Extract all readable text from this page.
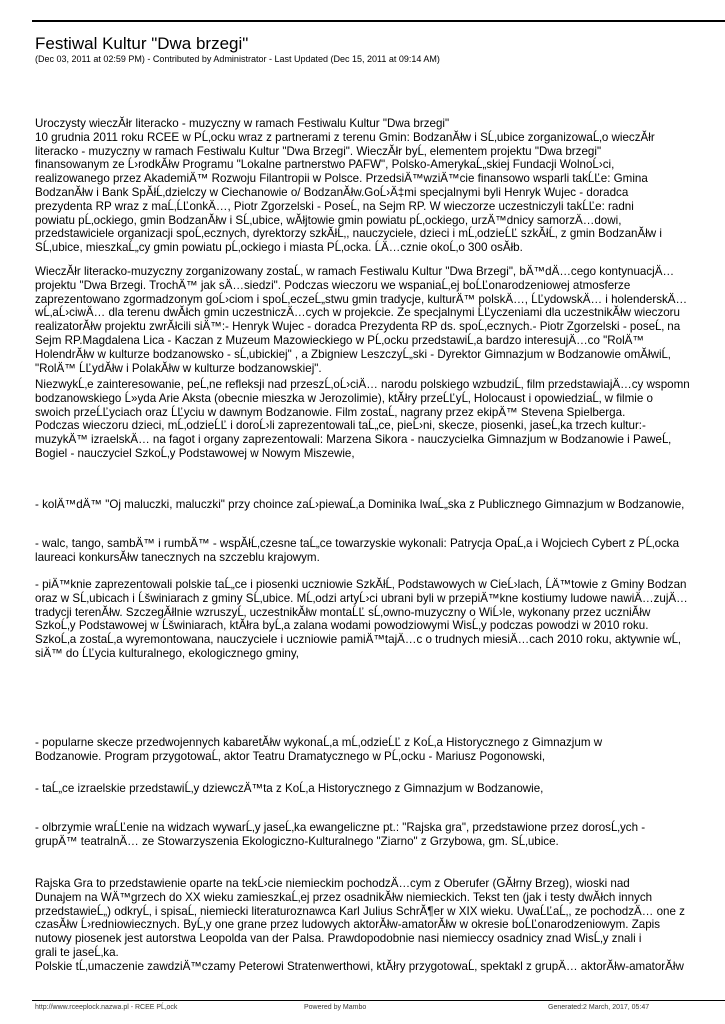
Festiwal Kultur "Dwa brzegi"
(Dec 03, 2011 at 02:59 PM) - Contributed by Administrator - Last Updated (Dec 15, 2011 at 09:14 AM)
Uroczysty wieczĂłr literacko - muzyczny w ramach Festiwalu Kultur "Dwa brzegi"
10 grudnia 2011 roku RCEE w PĹ‚ocku wraz z partnerami z terenu Gmin: BodzanĂłw i SĹ‚ubice zorganizowaĹ‚o wieczĂłr
literacko - muzyczny w ramach Festiwalu Kultur "Dwa Brzegi". WieczĂłr byĹ‚ elementem projektu "Dwa brzegi"
finansowanym ze Ĺ›rodkĂłw Programu "Lokalne partnerstwo PAFW", Polsko-AmerykaĹ„skiej Fundacji WolnoĹ›ci,
realizowanego przez AkademiÄ™ Rozwoju Filantropii w Polsce. PrzedsiÄ™wziÄ™cie finansowo wsparli takĹĽe: Gmina
BodzanĂłw i Bank SpĂłĹ‚dzielczy w Ciechanowie o/ BodzanĂłw.GoĹ›Ä‡mi specjalnymi byli Henryk Wujec - doradca
prezydenta RP wraz z maĹ‚ĹĽonkÄ…, Piotr Zgorzelski - PoseĹ‚ na Sejm RP. W wieczorze uczestniczyli takĹĽe: radni
powiatu pĹ‚ockiego, gmin BodzanĂłw i SĹ‚ubice, wĂłjtowie gmin powiatu pĹ‚ockiego, urzÄ™dnicy samorzÄ…dowi,
przedstawiciele organizacji spoĹ‚ecznych, dyrektorzy szkĂłĹ‚, nauczyciele, dzieci i mĹ‚odzieĹĽ szkĂłĹ‚ z gmin BodzanĂłw i
SĹ‚ubice, mieszkaĹ„cy gmin powiatu pĹ‚ockiego i miasta PĹ‚ocka. ĹÄ…cznie okoĹ‚o 300 osĂłb.
WieczĂłr literacko-muzyczny zorganizowany zostaĹ‚ w ramach Festiwalu Kultur "Dwa Brzegi", bÄ™dÄ…cego kontynuacjÄ…
projektu "Dwa Brzegi. TrochÄ™ jak sÄ…siedzi". Podczas wieczoru we wspaniaĹ‚ej boĹĽonarodzeniowej atmosferze
zaprezentowano zgormadzonym goĹ›ciom i spoĹ‚eczeĹ„stwu gmin tradycje, kulturÄ™ polskÄ…, ĹĽydowskÄ… i holenderskÄ…
wĹ‚aĹ›ciwÄ… dla terenu dwĂłch gmin uczestniczÄ…cych w projekcie. Ze specjalnymi ĹĽyczeniami dla uczestnikĂłw wieczoru
realizatorĂłw projektu zwrĂłcili siÄ™:- Henryk Wujec - doradca Prezydenta RP ds. spoĹ‚ecznych.- Piotr Zgorzelski - poseĹ‚ na
Sejm RP.Magdalena Lica - Kaczan z Muzeum Mazowieckiego w PĹ‚ocku przedstawiĹ‚a bardzo interesujÄ…co "RolÄ™
HolendrĂłw w kulturze bodzanowsko - sĹ‚ubickiej" , a Zbigniew LeszczyĹ„ski - Dyrektor Gimnazjum w Bodzanowie omĂłwiĹ‚
"RolÄ™ ĹĽydĂłw i PolakĂłw w kulturze bodzanowskiej".
NiezwykĹ‚e zainteresowanie, peĹ‚ne refleksji nad przeszĹ‚oĹ›ciÄ… narodu polskiego wzbudziĹ‚ film przedstawiajÄ…cy wspomn
bodzanowskiego Ĺ»yda Arie Aksta (obecnie mieszka w Jerozolimie), ktĂłry przeĹĽyĹ‚ Holocaust i opowiedziaĹ‚ w filmie o
swoich przeĹĽyciach oraz ĹĽyciu w dawnym Bodzanowie. Film zostaĹ‚ nagrany przez ekipÄ™ Stevena Spielberga.
Podczas wieczoru dzieci, mĹ‚odzieĹĽ i doroĹ›li zaprezentowali taĹ„ce, pieĹ›ni, skecze, piosenki, jaseĹ‚ka trzech kultur:-
muzykÄ™ izraelskÄ… na fagot i organy zaprezentowali: Marzena Sikora - nauczycielka Gimnazjum w Bodzanowie i PaweĹ‚
Bogiel - nauczyciel SzkoĹ‚y Podstawowej w Nowym Miszewie,
- kolÄ™dÄ™ "Oj maluczki, maluczki" przy choince zaĹ›piewaĹ‚a Dominika IwaĹ„ska z Publicznego Gimnazjum w Bodzanowie,
- walc, tango, sambÄ™ i rumbÄ™ - wspĂłĹ‚czesne taĹ„ce towarzyskie wykonali: Patrycja OpaĹ‚a i Wojciech Cybert z PĹ‚ocka
laureaci konkursĂłw tanecznych na szczeblu krajowym.
- piÄ™knie zaprezentowali polskie taĹ„ce i piosenki uczniowie SzkĂłĹ‚ Podstawowych w CieĹ›lach, ĹÄ™towie z Gminy Bodzan
oraz w SĹ‚ubicach i Ĺšwiniarach z gminy SĹ‚ubice. MĹ‚odzi artyĹ›ci ubrani byli w przepiÄ™kne kostiumy ludowe nawiÄ…zujÄ…
tradycji terenĂłw. SzczegĂłlnie wzruszyĹ‚ uczestnikĂłw montaĹĽ sĹ‚owno-muzyczny o WiĹ›le, wykonany przez uczniĂłw
SzkoĹ‚y Podstawowej w Ĺšwiniarach, ktĂłra byĹ‚a zalana wodami powodziowymi WisĹ‚y podczas powodzi w 2010 roku.
SzkoĹ‚a zostaĹ‚a wyremontowana, nauczyciele i uczniowie pamiÄ™tajÄ…c o trudnych miesiÄ…cach 2010 roku, aktywnie wĹ‚
siÄ™ do ĹĽycia kulturalnego, ekologicznego gminy,
- popularne skecze przedwojennych kabaretĂłw wykonaĹ‚a mĹ‚odzieĹĽ z KoĹ‚a Historycznego z Gimnazjum w
Bodzanowie. Program przygotowaĹ‚ aktor Teatru Dramatycznego w PĹ‚ocku - Mariusz Pogonowski,
- taĹ„ce izraelskie przedstawiĹ‚y dziewczÄ™ta z KoĹ‚a Historycznego z Gimnazjum w Bodzanowie,
- olbrzymie wraĹĽenie na widzach wywarĹ‚y jaseĹ‚ka ewangeliczne pt.: "Rajska gra", przedstawione przez dorosĹ‚ych -
grupÄ™ teatralnÄ… ze Stowarzyszenia Ekologiczno-Kulturalnego "Ziarno" z Grzybowa, gm. SĹ‚ubice.
Rajska Gra to przedstawienie oparte na tekĹ›cie niemieckim pochodzÄ…cym z Oberufer (GĂłrny Brzeg), wioski nad
Dunajem na WÄ™grzech do XX wieku zamieszkaĹ‚ej przez osadnikĂłw niemieckich. Tekst ten (jak i testy dwĂłch innych
przedstawieĹ„) odkryĹ‚ i spisaĹ‚ niemiecki literaturoznawca Karl Julius SchrĂ¶er w XIX wieku. UwaĹĽaĹ‚, ze pochodzÄ… one z
czasĂłw Ĺ›redniowiecznych. ByĹ‚y one grane przez ludowych aktorĂłw-amatorĂłw w okresie boĹĽonarodzeniowym. Zapis
nutowy piosenek jest autorstwa Leopolda van der Palsa. Prawdopodobnie nasi niemieccy osadnicy znad WisĹ‚y znali i
grali te jaseĹ‚ka.
Polskie tĹ‚umaczenie zawdziÄ™czamy Peterowi Stratenwerthowi, ktĂłry przygotowaĹ‚ spektakl z grupÄ… aktorĂłw-amatorĂłw
http://www.rceeplock.nazwa.pl - RCEE PĹ‚ock	Powered by Mambo	Generated:2 March, 2017, 05:47
